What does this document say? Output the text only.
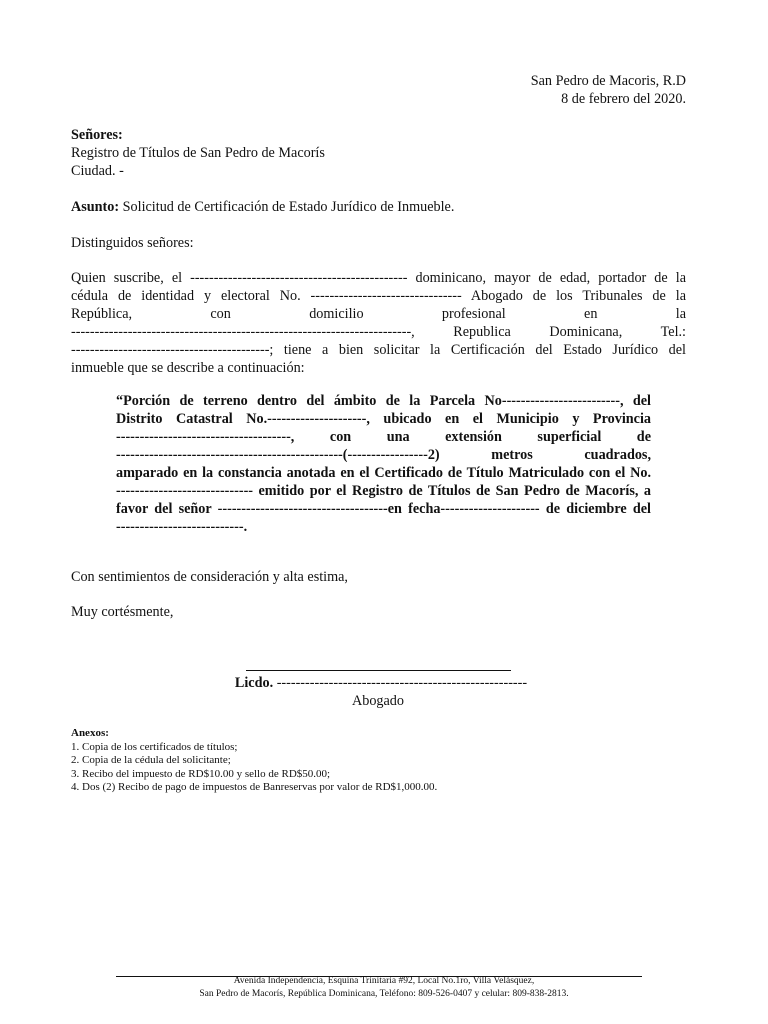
San Pedro de Macoris, R.D
8 de febrero del 2020.
Señores:
Registro de Títulos de San Pedro de Macorís
Ciudad. -
Asunto: Solicitud de Certificación de Estado Jurídico de Inmueble.
Distinguidos señores:
Quien suscribe, el ---------------------------------------------- dominicano, mayor de edad, portador de la
cédula de identidad y electoral No. -------------------------------- Abogado de los Tribunales de la
República, con domicilio profesional en la
------------------------------------------------------------------------, Republica Dominicana, Tel.:
------------------------------------------; tiene a bien solicitar la Certificación del Estado Jurídico del
inmueble que se describe a continuación:
“Porción de terreno dentro del ámbito de la Parcela No-------------------------, del
Distrito Catastral No.---------------------, ubicado en el Municipio y Provincia
-------------------------------------, con una extensión superficial de
------------------------------------------------(-----------------2) metros cuadrados,
amparado en la constancia anotada en el Certificado de Título Matriculado con el No.
----------------------------- emitido por el Registro de Títulos de San Pedro de Macorís, a
favor del señor ------------------------------------en fecha--------------------- de diciembre del
---------------------------.
Con sentimientos de consideración y alta estima,
Muy cortésmente,
Licdo. -----------------------------------------------------
Abogado
Anexos:
1. Copia de los certificados de títulos;
2. Copia de la cédula del solicitante;
3. Recibo del impuesto de RD$10.00 y sello de RD$50.00;
4. Dos (2) Recibo de pago de impuestos de Banreservas por valor de RD$1,000.00.
Avenida Independencia, Esquina Trinitaria #92, Local No.1ro, Villa Velásquez,
San Pedro de Macorís, República Dominicana, Teléfono: 809-526-0407 y celular: 809-838-2813.
